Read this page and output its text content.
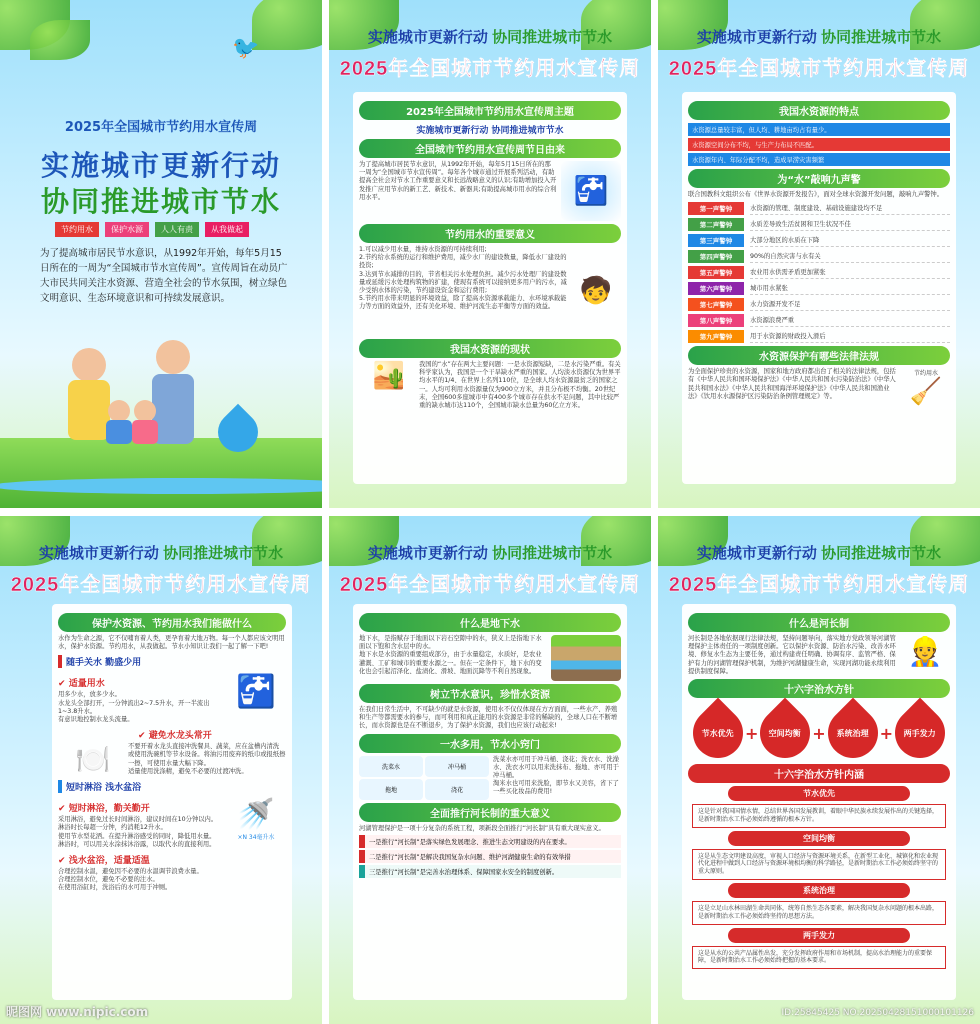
🐦
2025年全国城市节约用水宣传周
实施城市更新行动
协同推进城市节水
节约用水	保护水源	人人有责	从我做起
为了提高城市居民节水意识，从1992年开始，每年5月15日所在的一周为“全国城市节水宣传周”。宣传周旨在动员广大市民共同关注水资源、营造全社会的节水氛围，树立绿色文明意识、生态环境意识和可持续发展意识。
实施城市更新行动 协同推进城市节水
2025年全国城市节约用水宣传周
2025年全国城市节约用水宣传周主题
实施城市更新行动 协同推进城市节水
全国城市节约用水宣传周节日由来
为了提高城市居民节水意识，从1992年开始，每年5月15日所在的那一周为“全国城市节水宣传周”。每年各个城市通过开展系列活动，有助提高全社会对节水工作重要意义和长远战略意义的认识;有助增加投入开发推广应用节水的新工艺、新技术、新器具;有助提高城市用水的综合利用水平。	🚰
节约用水的重要意义
1.可以减少用水量，维持水资源的可持续利用;
2.节约给水系统的运行和维护费用，减少水厂的建设数量，降低水厂建设的投资;
3.达到节水减排的目的，节省相关污水处理负担。减少污水处理厂的建设数量或延缓污水处理构筑物的扩建，使现有系统可以接纳更多用户的污水，减少受纳水体的污染，节约建设资金和运行费用;
5.节约用水带来明显的环境效益，除了提高水资源承载能力、水环境承载能力等方面的效益外，还有美化环境、维护河流生态平衡等方面的效益。
🧒
我国水资源的现状
🏜️	我国的“水”存在两大主要问题：一是水资源短缺，二是水污染严重。有关科学家认为，我国是一个干旱缺水严重的国家。人均淡水资源仅为世界平均水平的1/4、在世界上名列110位，是全球人均水资源最贫乏的国家之一。人均可利用水资源量仅为900立方米，并且分布极不均衡。20世纪末，全国600多座城市中有400多个城市存在供水不足问题，其中比较严重的缺水城市达110个，全国城市缺水总量为60亿立方米。
实施城市更新行动 协同推进城市节水
2025年全国城市节约用水宣传周
我国水资源的特点
水资源总量较丰富，但人均、耕地亩均占有量少。
水资源空间分布不均，与生产力布局不匹配。
水资源年内、年际分配不均，造成旱涝灾害频繁
为“水”敲响九声警
联合国教科文组织公布《世界水资源开发报告》，面对全球水资源开发问题，敲响九声警钟。
第一声警钟	水资源的管理、制度建设、基础设施建设均不足
第二声警钟	水质差导致生活贫困和卫生状况不佳
第三声警钟	大部分地区的水质在下降
第四声警钟	90%的自然灾害与水有关
第五声警钟	农业用水供需矛盾更加紧张
第六声警钟	城市用水紧张
第七声警钟	水力资源开发不足
第八声警钟	水资源浪费严重
第九声警钟	用于水资源的财政投入滑后
水资源保护有哪些法律法规
为全面保护珍贵的水资源，国家和地方政府都出台了相关的法律法规，包括有《中华人民共和国环境保护法》《中华人民共和国水污染防治法》《中华人民共和国水法》《中华人民共和国海洋环境保护法》《中华人民共和国渔业法》《饮用水水源保护区污染防治条例管理规定》等。
节约用水
🧹
实施城市更新行动 协同推进城市节水
2025年全国城市节约用水宣传周
保护水资源、节约用水我们能做什么
水作为生命之源，它不仅哺育着人类，更孕育着大地万物。每一个人都应该文明用水，保护水资源。节约用水，从我做起。节水小知识让我们一起了解一下吧!
随手关水 勤盛少用
✔ 适量用水
用多少水，放多少水。
水龙头全部打开，一分钟流出2~7.5升水，开一半流出1~3.8升水。
有意识地控制水龙头流量。
🚰
✔ 避免水龙头常开
🍽️	不要开着水龙头直接冲洗餐具、蔬菜，应在盆槽内清洗
或使用洗碗机等节水设备。将油污用废弃的纸巾或报纸擦一擦，可使用水量大幅下降。
适量使用洗涤精，避免不必要的过渡冲洗。
短时淋浴 浅水盆浴
✔ 短时淋浴，勤关勤开
采用淋浴，避免过长时间淋浴，建议时间在10分钟以内。
淋浴时长每超一分钟，约消耗12升水。
使用节水型花洒。在提升淋浴感受的同时，降低用水量。
淋浴时，可以用关水涂抹沐浴露，以取代水的直接利用。
🚿
×N 34毫升水
✔ 浅水盆浴，适量适温
合理控制水温，避免因不必要的水温调节浪费水量。
合理控制水位，避免不必要的注水。
在使用浴缸时，洗浴后的水可用于冲厕。
实施城市更新行动 协同推进城市节水
2025年全国城市节约用水宣传周
什么是地下水
地下水，是指赋存于地面以下岩石空隙中的水，狭义上是指地下水面以下饱和含水层中的水。
地下水是水资源的重要组成部分，由于水量稳定，水质好，是农业灌溉、工矿和城市的重要水源之一。但在一定条件下，地下水的变化也会引起沼泽化、盐渍化、滑坡、地面沉降等不利自然现象。
树立节水意识，珍惜水资源
在我们日常生活中，不可缺少的就是水资源，使用水不仅仅体现在方方面面，一些水产、养殖和生产等都需要水的参与，而可利用和真正能用的水资源是非常的稀缺的，全球人口在不断增长，而水资源也是在不断退步，为了保护水资源，我们也应该行动起来!
一水多用，节水小窍门
洗菜水	冲马桶
拖地	浇花
洗菜水亦可用于冲马桶、浇花；洗衣水、洗澡水、洗衣水可以用来洗抹布、拖地、亦可用于冲马桶。
淘米水也可用来洗脸，即节水又美容，省下了一些买化妆品的费用!
全面推行河长制的重大意义
河湖管理保护是一项十分复杂的系统工程，项新段全面推行“河长制”具有重大现实意义。
一是推行“河长制”是落实绿色发展理念、推进生态文明建设的内在要求。
二是推行“河长制”是解决我国复杂水问题、维护河湖健康生命的有效举措
三是推行“河长制”是完善水治理体系、保障国家水安全的制度创新。
实施城市更新行动 协同推进城市节水
2025年全国城市节约用水宣传周
什么是河长制
河长制是各地依据现行法律法规，坚持问题导向，落实地方党政领导河湖管理保护主体责任的一项制度创新。它以保护水资源、防治水污染、改善水环境、修复水生态为主要任务，通过构建责任明确、协调有序、监管严格、保护有力的河湖管理保护机制，为维护河湖健康生命，实现河湖功能永续利用提供制度保障。
👷
十六字治水方针
节水优先 +	空间均衡 +	系统治理 +	两手发力
十六字治水方针内涵
节水优先
这是针对我国国情水情，总结世界各国发展教训，着眼中华民族永续发展作出的关键选择，是新时期治水工作必须始终遵循的根本方针。
空间均衡
这是从生态文明建设高度，审视人口经济与资源环境关系，在新型工业化、城镇化和农业现代化进程中做到人口经济与资源环境相均衡的科学路径，是新时期治水工作必须始终坚守的重大原则。
系统治理
这是立足山水林田湖生命共同体，统筹自然生态各要素，解决我国复杂水问题的根本出路，是新时期治水工作必须始终坚持的思想方法。
两手发力
这是从水的公共产品属性出发，充分发挥政府作用和市场机制，提高水治理能力的重要保障，是新时期治水工作必须始终把握的基本要求。
昵图网 www.nipic.com	ID:25845425 NO:20250428151000101126
